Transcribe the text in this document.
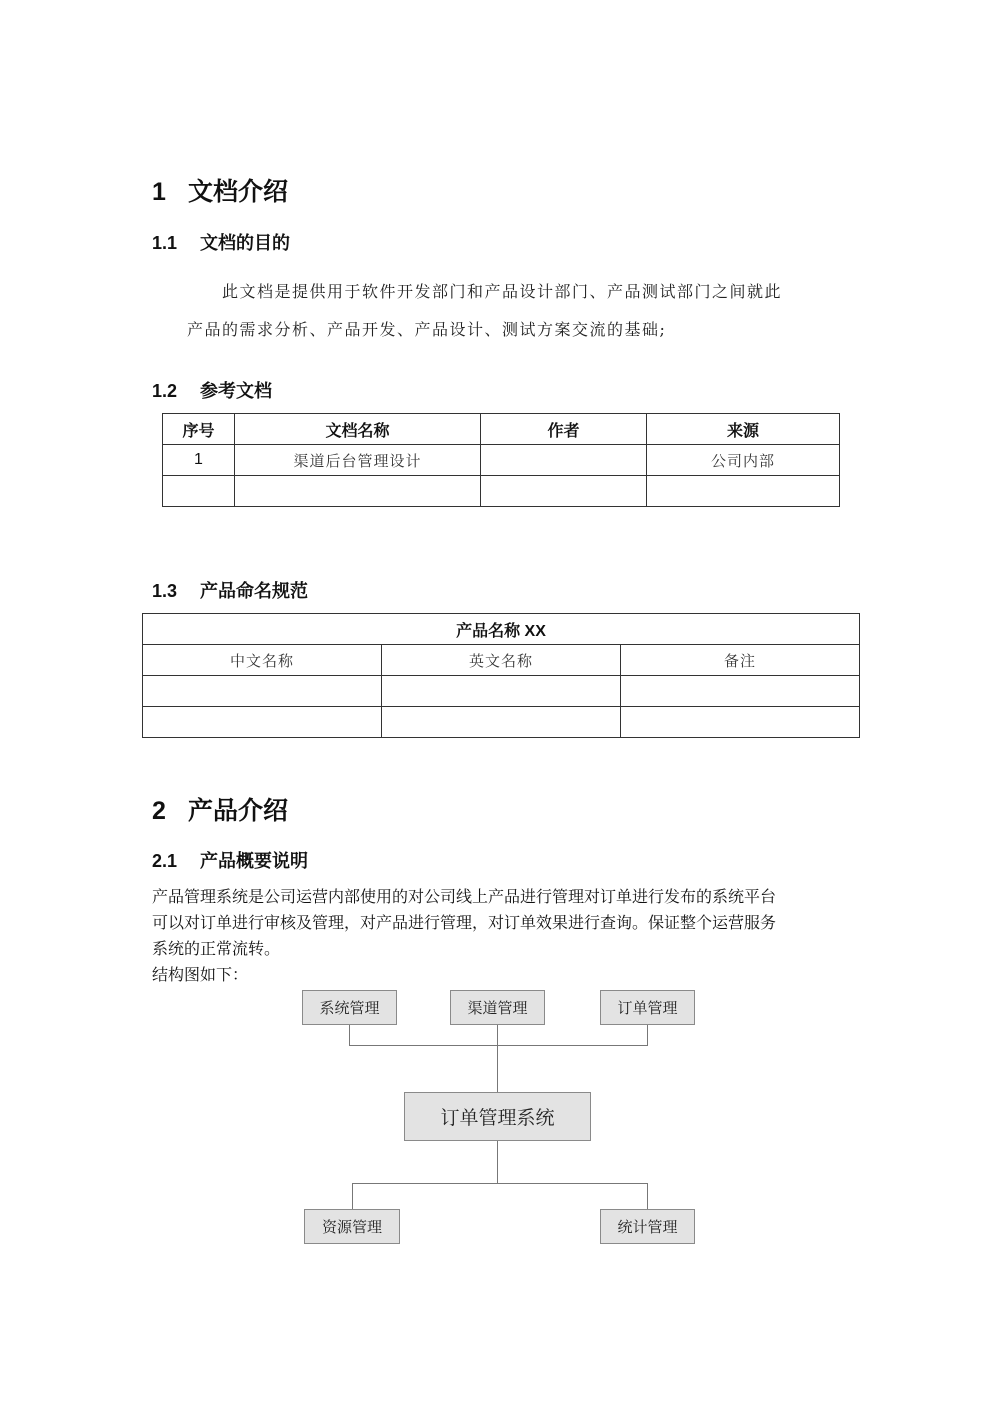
1 文档介绍
1.1 文档的目的
此文档是提供用于软件开发部门和产品设计部门、产品测试部门之间就此
产品的需求分析、产品开发、产品设计、测试方案交流的基础;
1.2 参考文档
序号	文档名称	作者	来源
1	渠道后台管理设计		公司内部

1.3 产品命名规范
产品名称 XX		
中文名称	英文名称	备注

2 产品介绍
2.1 产品概要说明
产品管理系统是公司运营内部使用的对公司线上产品进行管理对订单进行发布的系统平台
可以对订单进行审核及管理，对产品进行管理，对订单效果进行查询。保证整个运营服务
系统的正常流转。
结构图如下：
系统管理	渠道管理	订单管理
订单管理系统
资源管理	统计管理
